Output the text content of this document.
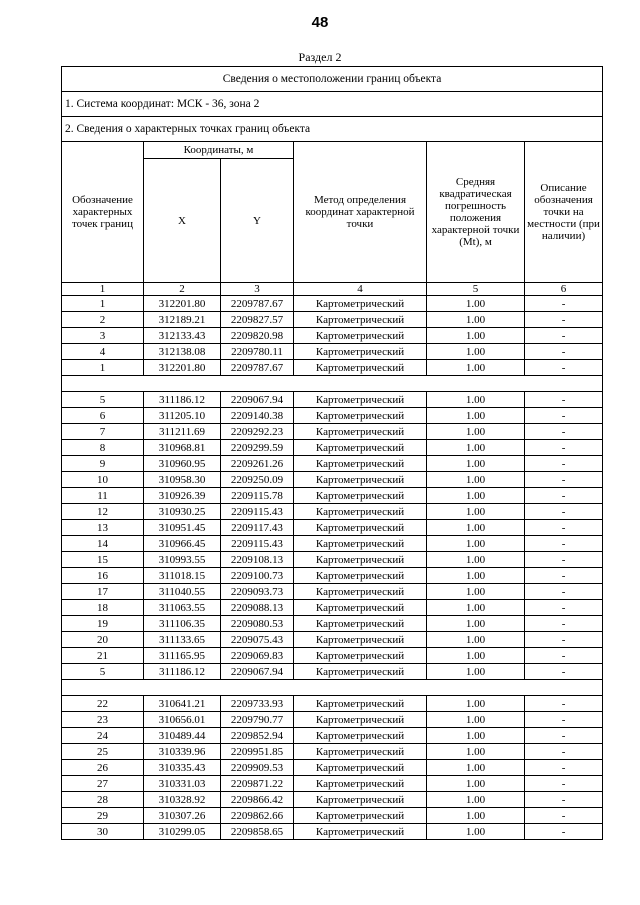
48
Раздел 2
Сведения о местоположении границ объекта					
1. Система координат: МСК - 36, зона 2					
2. Сведения о характерных точках границ объекта					
Обозначение характерных точек границ	Координаты, м		Метод определения координат характерной точки	Средняя квадратическая погрешность положения характерной точки (Mt), м	Описание обозначения точки на местности (при наличии)
	X	Y			
1	2	3	4	5	6
1	312201.80	2209787.67	Картометрический	1.00	-
2	312189.21	2209827.57	Картометрический	1.00	-
3	312133.43	2209820.98	Картометрический	1.00	-
4	312138.08	2209780.11	Картометрический	1.00	-
1	312201.80	2209787.67	Картометрический	1.00	-

5	311186.12	2209067.94	Картометрический	1.00	-
6	311205.10	2209140.38	Картометрический	1.00	-
7	311211.69	2209292.23	Картометрический	1.00	-
8	310968.81	2209299.59	Картометрический	1.00	-
9	310960.95	2209261.26	Картометрический	1.00	-
10	310958.30	2209250.09	Картометрический	1.00	-
11	310926.39	2209115.78	Картометрический	1.00	-
12	310930.25	2209115.43	Картометрический	1.00	-
13	310951.45	2209117.43	Картометрический	1.00	-
14	310966.45	2209115.43	Картометрический	1.00	-
15	310993.55	2209108.13	Картометрический	1.00	-
16	311018.15	2209100.73	Картометрический	1.00	-
17	311040.55	2209093.73	Картометрический	1.00	-
18	311063.55	2209088.13	Картометрический	1.00	-
19	311106.35	2209080.53	Картометрический	1.00	-
20	311133.65	2209075.43	Картометрический	1.00	-
21	311165.95	2209069.83	Картометрический	1.00	-
5	311186.12	2209067.94	Картометрический	1.00	-

22	310641.21	2209733.93	Картометрический	1.00	-
23	310656.01	2209790.77	Картометрический	1.00	-
24	310489.44	2209852.94	Картометрический	1.00	-
25	310339.96	2209951.85	Картометрический	1.00	-
26	310335.43	2209909.53	Картометрический	1.00	-
27	310331.03	2209871.22	Картометрический	1.00	-
28	310328.92	2209866.42	Картометрический	1.00	-
29	310307.26	2209862.66	Картометрический	1.00	-
30	310299.05	2209858.65	Картометрический	1.00	-
